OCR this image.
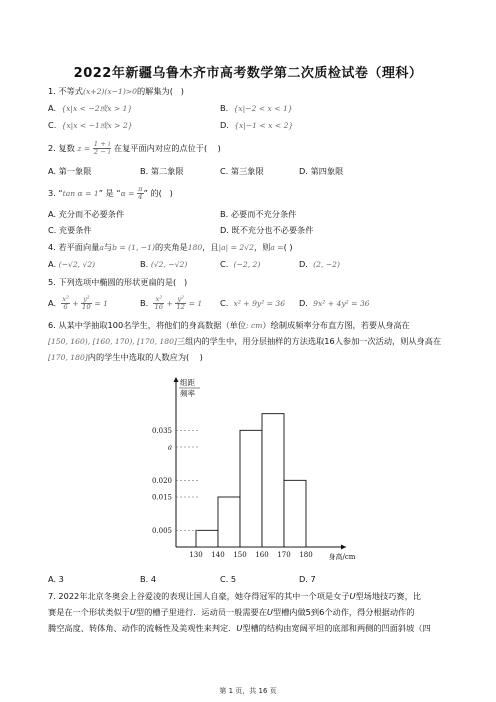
2022年新疆乌鲁木齐市高考数学第二次质检试卷（理科）
1. 不等式(x+2)(x−1)>0的解集为( )
A. {x|x < −2或x > 1}	B. {x|−2 < x < 1}
C. {x|x < −1或x > 2}	D. {x|−1 < x < 2}
2. 复数 $z = \frac{1 + i}{2 - i}$ 在复平面内对应的点位于( )
A. 第一象限	B. 第二象限	C. 第三象限	D. 第四象限
3. “tan α = 1” 是 “$\alpha = \frac{\pi}{4}$ ” 的( )
A. 充分而不必要条件	B. 必要而不充分条件
C. 充要条件	D. 既不充分也不必要条件
4. 若平面向量a与b = (1, −1)的夹角是180，且|a| = 2√2，则a =( )
A. (−√2, √2)	B. (√2, −√2)	C. (−2, 2)	D. (2, −2)
5. 下列选项中椭圆的形状更扁的是( )
A. $\frac{\text{x²}}{6} + \frac{\text{y²}}{10} = 1$	B. $\frac{\text{x²}}{16} + \frac{\text{y²}}{12} = 1$ C. x² + 9y² = 36 D. 9x² + 4y² = 36
6. 从某中学抽取100名学生，将他们的身高数据（单位: cm）绘制成频率分布直方图，若要从身高在
[150, 160), [160, 170), [170, 180]三组内的学生中，用分层抽样的方法选取16人参加一次活动，则从身高在
[170, 180]内的学生中选取的人数应为( )
组距
频率
0.035
a
0.020
0.015
0.005
130 140 150 160 170 180 身高/cm
A. 3	B. 4	C. 5	D. 7
7. 2022年北京冬奥会上谷爱凌的表现让国人自豪，她夺得冠军的其中一个项是女子U型场地技巧赛，比
赛是在一个形状类似于U型的槽子里进行．运动员一般需要在U型槽内做5到6个动作，得分根据动作的
腾空高度、转体角、动作的流畅性及美观性来判定．U型槽的结构由宽阔平坦的底部和两侧的凹面斜坡（四
第 1 页，共 16 页
